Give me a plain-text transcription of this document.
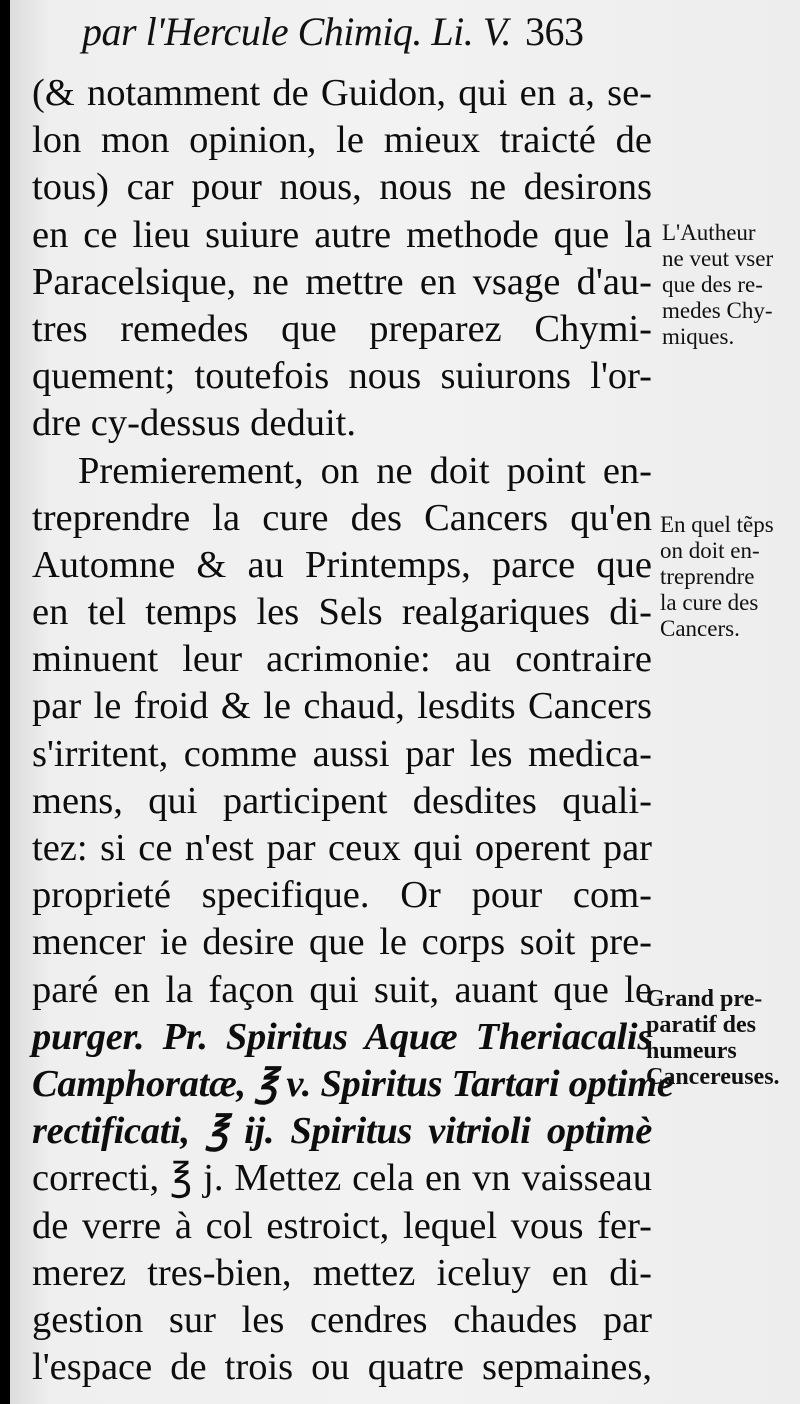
par l'Hercule Chimiq. Li. V. 363
(& notamment de Guidon, qui en a, se-
lon mon opinion, le mieux traicté de
tous) car pour nous, nous ne desirons
en ce lieu suiure autre methode que la
Paracelsique, ne mettre en vsage d'au-
tres remedes que preparez Chymi-
quement; toutefois nous suiurons l'or-
dre cy-dessus deduit.
Premierement, on ne doit point en-
treprendre la cure des Cancers qu'en
Automne & au Printemps, parce que
en tel temps les Sels realgariques di-
minuent leur acrimonie: au contraire
par le froid & le chaud, lesdits Cancers
s'irritent, comme aussi par les medica-
mens, qui participent desdites quali-
tez: si ce n'est par ceux qui operent par
proprieté specifique. Or pour com-
mencer ie desire que le corps soit pre-
paré en la façon qui suit, auant que le
purger. Pr. Spiritus Aquæ Theriacalis
Camphoratæ, ℥ v. Spiritus Tartari optime
rectificati, ℥ ij. Spiritus vitrioli optimè
correcti, ℥ j. Mettez cela en vn vaisseau
de verre à col estroict, lequel vous fer-
merez tres-bien, mettez iceluy en di-
gestion sur les cendres chaudes par
l'espace de trois ou quatre sepmaines,
L'Autheur
ne veut vser
que des re-
medes Chy-
miques.
En quel tẽps
on doit en-
treprendre
la cure des
Cancers.
Grand pre-
paratif des
humeurs
Cancereuses.
